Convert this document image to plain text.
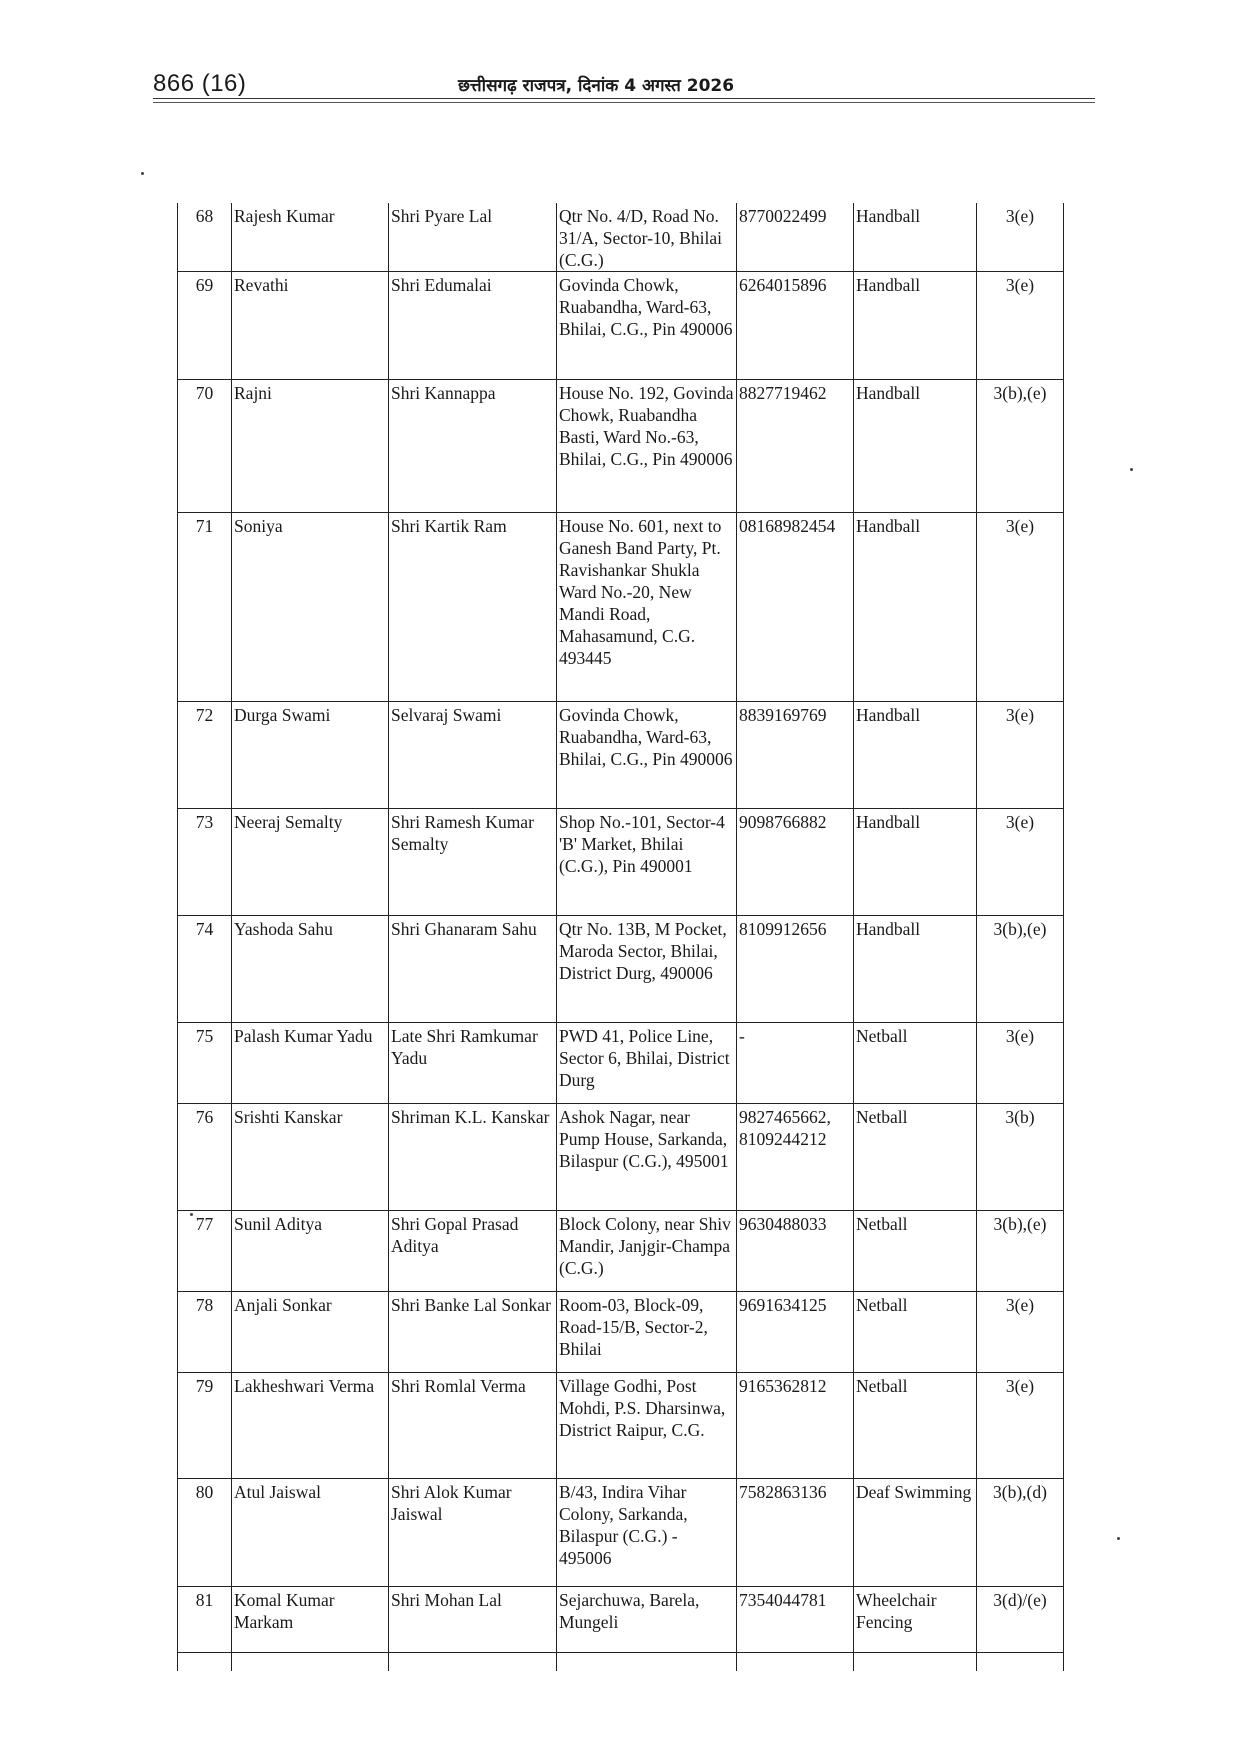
866 (16)	छत्तीसगढ़ राजपत्र, दिनांक 4 अगस्त 2026
68	Rajesh Kumar	Shri Pyare Lal	Qtr No. 4/D, Road No. 31/A, Sector-10, Bhilai (C.G.)	8770022499	Handball	3(e)
69	Revathi	Shri Edumalai	Govinda Chowk, Ruabandha, Ward-63, Bhilai, C.G., Pin 490006	6264015896	Handball	3(e)
70	Rajni	Shri Kannappa	House No. 192, Govinda Chowk, Ruabandha Basti, Ward No.-63, Bhilai, C.G., Pin 490006	8827719462	Handball	3(b),(e)
71	Soniya	Shri Kartik Ram	House No. 601, next to Ganesh Band Party, Pt. Ravishankar Shukla Ward No.-20, New Mandi Road, Mahasamund, C.G. 493445	08168982454	Handball	3(e)
72	Durga Swami	Selvaraj Swami	Govinda Chowk, Ruabandha, Ward-63, Bhilai, C.G., Pin 490006	8839169769	Handball	3(e)
73	Neeraj Semalty	Shri Ramesh Kumar Semalty	Shop No.-101, Sector-4 'B' Market, Bhilai (C.G.), Pin 490001	9098766882	Handball	3(e)
74	Yashoda Sahu	Shri Ghanaram Sahu	Qtr No. 13B, M Pocket, Maroda Sector, Bhilai, District Durg, 490006	8109912656	Handball	3(b),(e)
75	Palash Kumar Yadu	Late Shri Ramkumar Yadu	PWD 41, Police Line, Sector 6, Bhilai, District Durg	-	Netball	3(e)
76	Srishti Kanskar	Shriman K.L. Kanskar	Ashok Nagar, near Pump House, Sarkanda, Bilaspur (C.G.), 495001	9827465662, 8109244212	Netball	3(b)
77	Sunil Aditya	Shri Gopal Prasad Aditya	Block Colony, near Shiv Mandir, Janjgir-Champa (C.G.)	9630488033	Netball	3(b),(e)
78	Anjali Sonkar	Shri Banke Lal Sonkar	Room-03, Block-09, Road-15/B, Sector-2, Bhilai	9691634125	Netball	3(e)
79	Lakheshwari Verma	Shri Romlal Verma	Village Godhi, Post Mohdi, P.S. Dharsinwa, District Raipur, C.G.	9165362812	Netball	3(e)
80	Atul Jaiswal	Shri Alok Kumar Jaiswal	B/43, Indira Vihar Colony, Sarkanda, Bilaspur (C.G.) - 495006	7582863136	Deaf Swimming	3(b),(d)
81	Komal Kumar Markam	Shri Mohan Lal	Sejarchuwa, Barela, Mungeli	7354044781	Wheelchair Fencing	3(d)/(e)
